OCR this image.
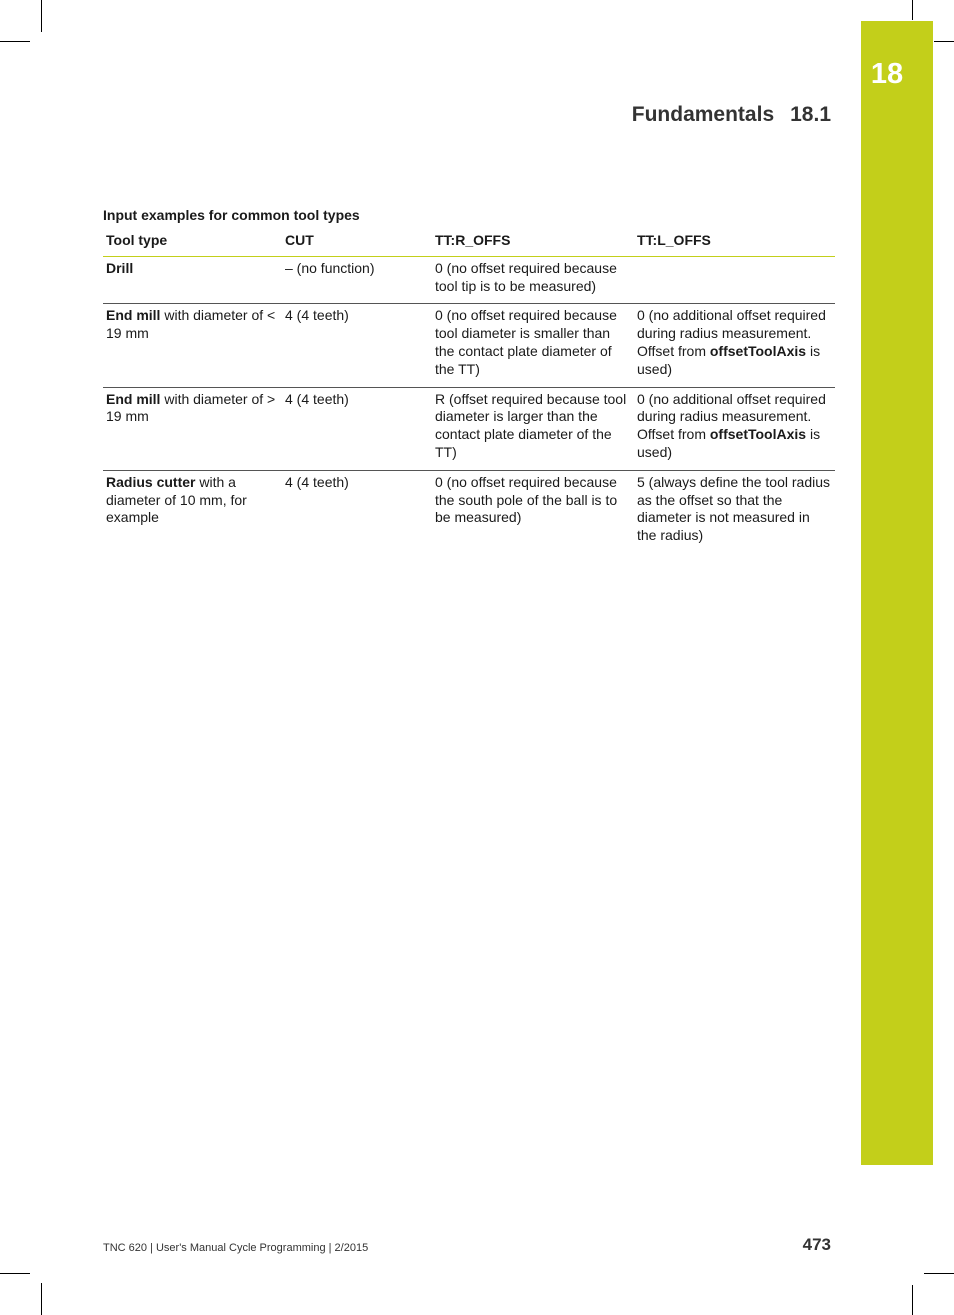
18
Fundamentals 18.1
Input examples for common tool types
Tool type	CUT	TT:R_OFFS	TT:L_OFFS
Drill	– (no function)	0 (no offset required because tool tip is to be measured)	
End mill with diameter of < 19 mm	4 (4 teeth)	0 (no offset required because tool diameter is smaller than the contact plate diameter of the TT)	0 (no additional offset required during radius measurement. Offset from offsetToolAxis is used)
End mill with diameter of > 19 mm	4 (4 teeth)	R (offset required because tool diameter is larger than the contact plate diameter of the TT)	0 (no additional offset required during radius measurement. Offset from offsetToolAxis is used)
Radius cutter with a diameter of 10 mm, for example	4 (4 teeth)	0 (no offset required because the south pole of the ball is to be measured)	5 (always define the tool radius as the offset so that the diameter is not measured in the radius)
TNC 620 | User's Manual Cycle Programming | 2/2015	473
